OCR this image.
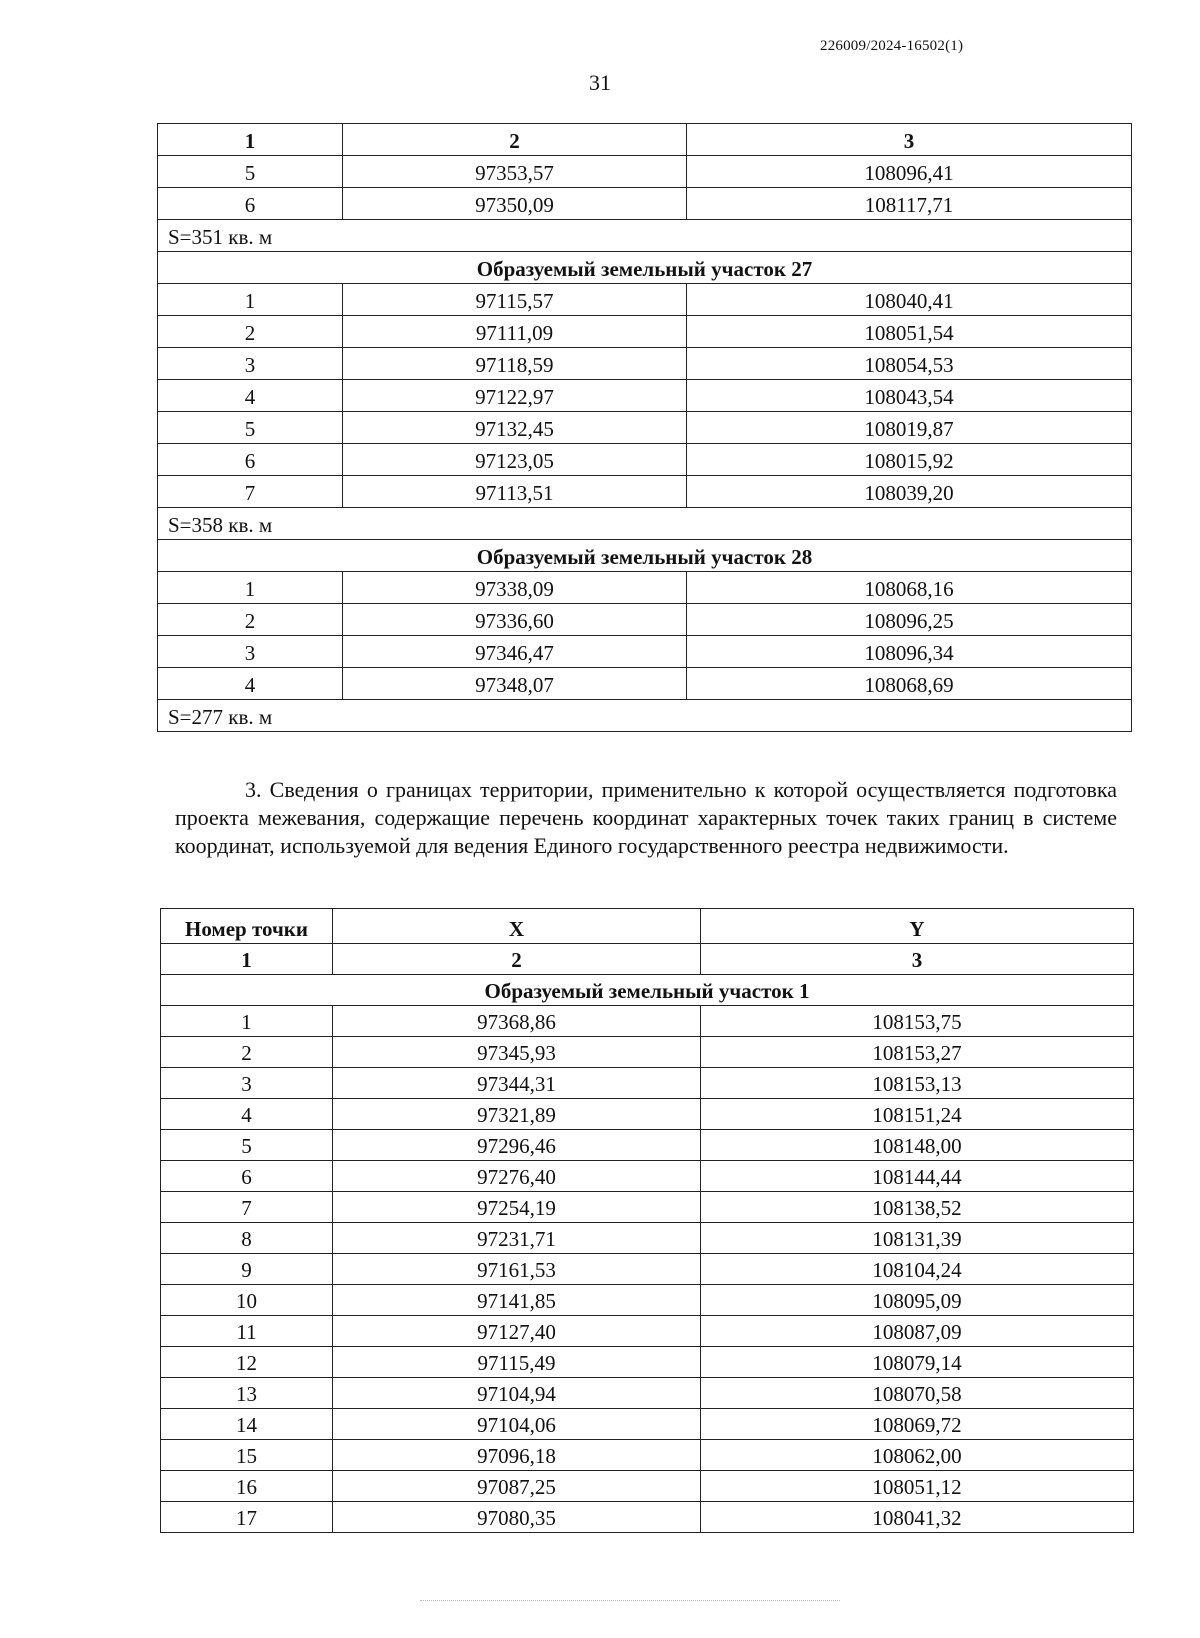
226009/2024-16502(1)
31
1	2	3
5	97353,57	108096,41
6	97350,09	108117,71
S=351 кв. м		
Образуемый земельный участок 27		
1	97115,57	108040,41
2	97111,09	108051,54
3	97118,59	108054,53
4	97122,97	108043,54
5	97132,45	108019,87
6	97123,05	108015,92
7	97113,51	108039,20
S=358 кв. м		
Образуемый земельный участок 28		
1	97338,09	108068,16
2	97336,60	108096,25
3	97346,47	108096,34
4	97348,07	108068,69
S=277 кв. м		
3. Сведения о границах территории, применительно к которой осуществляется подготовка проекта межевания, содержащие перечень координат характерных точек таких границ в системе координат, используемой для ведения Единого государственного реестра недвижимости.
Номер точки	X	Y
1	2	3
Образуемый земельный участок 1		
1	97368,86	108153,75
2	97345,93	108153,27
3	97344,31	108153,13
4	97321,89	108151,24
5	97296,46	108148,00
6	97276,40	108144,44
7	97254,19	108138,52
8	97231,71	108131,39
9	97161,53	108104,24
10	97141,85	108095,09
11	97127,40	108087,09
12	97115,49	108079,14
13	97104,94	108070,58
14	97104,06	108069,72
15	97096,18	108062,00
16	97087,25	108051,12
17	97080,35	108041,32
